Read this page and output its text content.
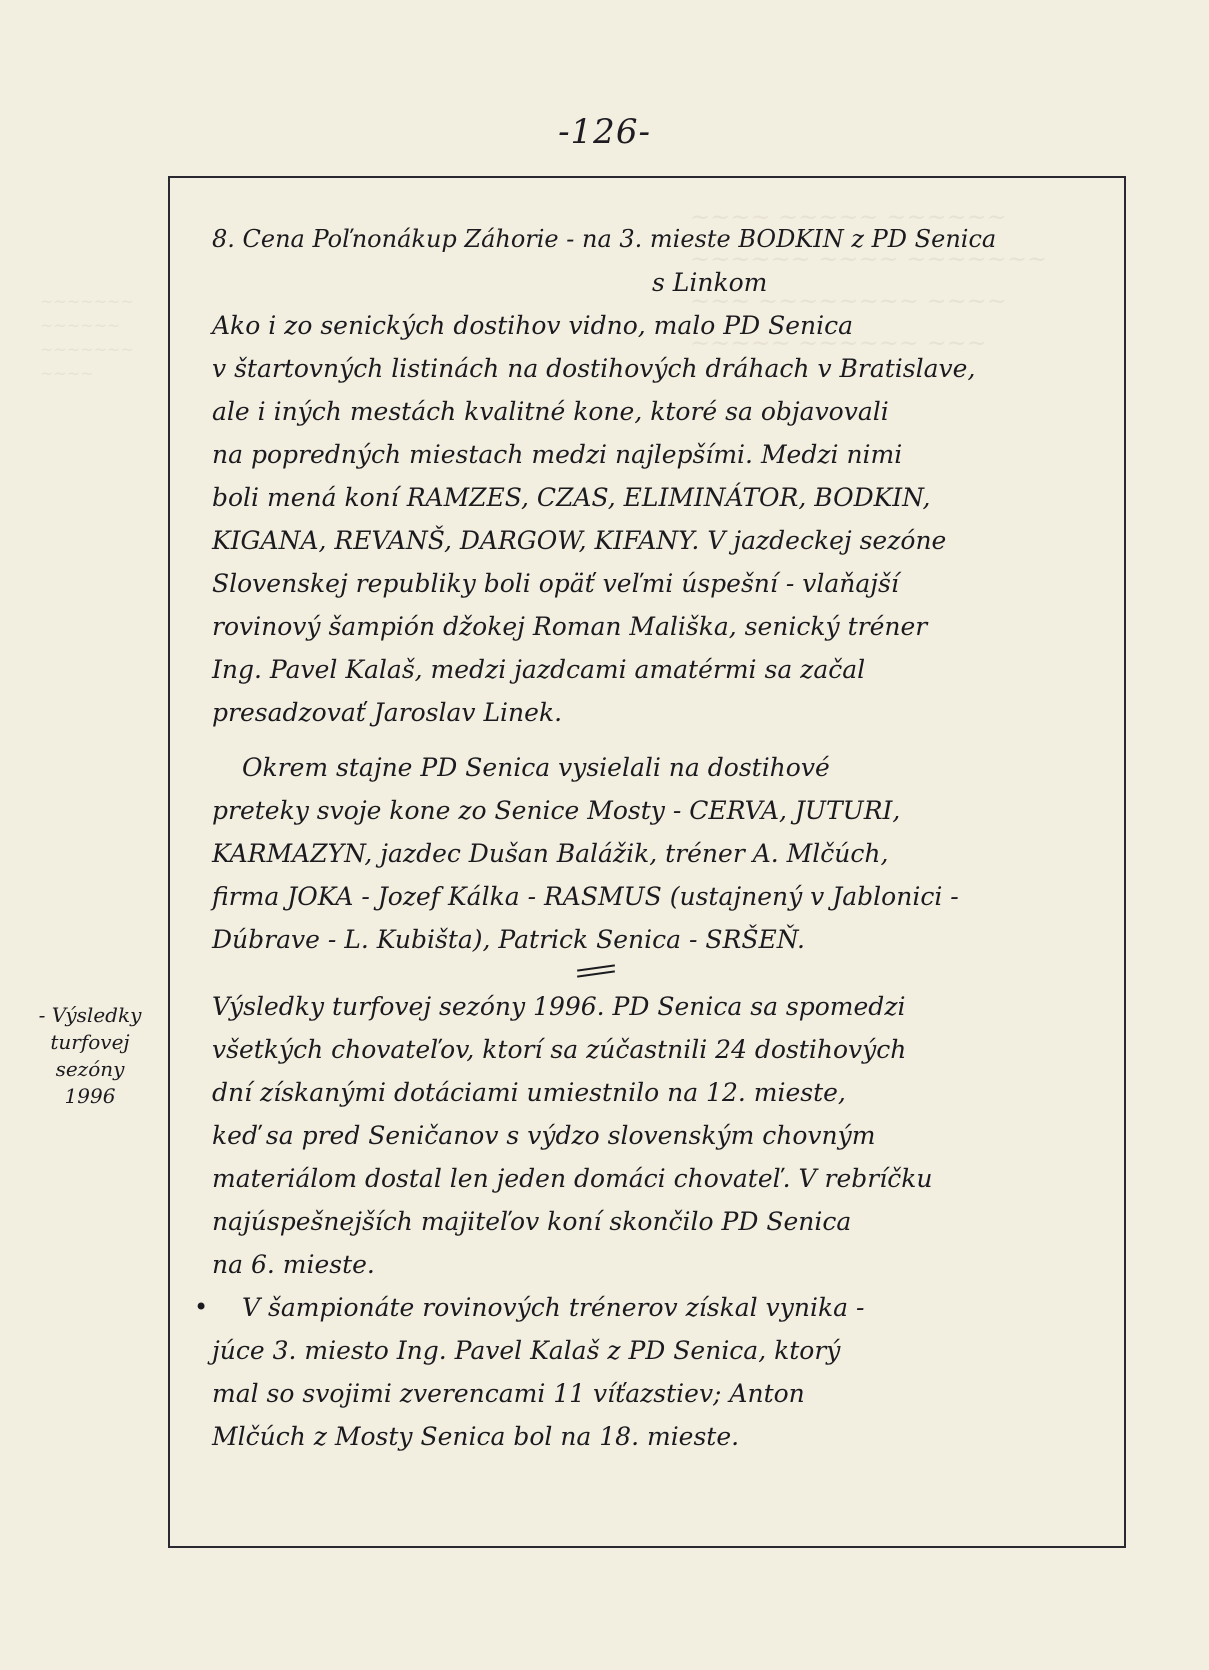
~~~~ ~~~~~ ~~~~~~
~~~~~~ ~~~~ ~~~~~~~
~~~ ~~~~~~~~ ~~~~
~~~~~ ~~~~~~ ~~~
~~~~~~~
~~~~~~
~~~~~~~
~~~~
-126-
- Výsledky
turfovej
sezóny
1996
8. Cena Poľnonákup Záhorie - na 3. mieste BODKIN z PD Senica
s Linkom
Ako i zo senických dostihov vidno, malo PD Senica
v štartovných listinách na dostihových dráhach v Bratislave,
ale i iných mestách kvalitné kone, ktoré sa objavovali
na popredných miestach medzi najlepšími. Medzi nimi
boli mená koní RAMZES, CZAS, ELIMINÁTOR, BODKIN,
KIGANA, REVANŠ, DARGOW, KIFANY. V jazdeckej sezóne
Slovenskej republiky boli opäť veľmi úspešní - vlaňajší
rovinový šampión džokej Roman Mališka, senický tréner
Ing. Pavel Kalaš, medzi jazdcami amatérmi sa začal
presadzovať Jaroslav Linek.
Okrem stajne PD Senica vysielali na dostihové
preteky svoje kone zo Senice Mosty - CERVA, JUTURI,
KARMAZYN, jazdec Dušan Balážik, tréner A. Mlčúch,
firma JOKA - Jozef Kálka - RASMUS (ustajnený v Jablonici -
Dúbrave - L. Kubišta), Patrick Senica - SRŠEŇ.
Výsledky turfovej sezóny 1996. PD Senica sa spomedzi
všetkých chovateľov, ktorí sa zúčastnili 24 dostihových
dní získanými dotáciami umiestnilo na 12. mieste,
keď sa pred Seničanov s výdzo slovenským chovným
materiálom dostal len jeden domáci chovateľ. V rebríčku
najúspešnejších majiteľov koní skončilo PD Senica
na 6. mieste.
•	V šampionáte rovinových trénerov získal vynika -
júce 3. miesto Ing. Pavel Kalaš z PD Senica, ktorý
mal so svojimi zverencami 11 víťazstiev; Anton
Mlčúch z Mosty Senica bol na 18. mieste.
